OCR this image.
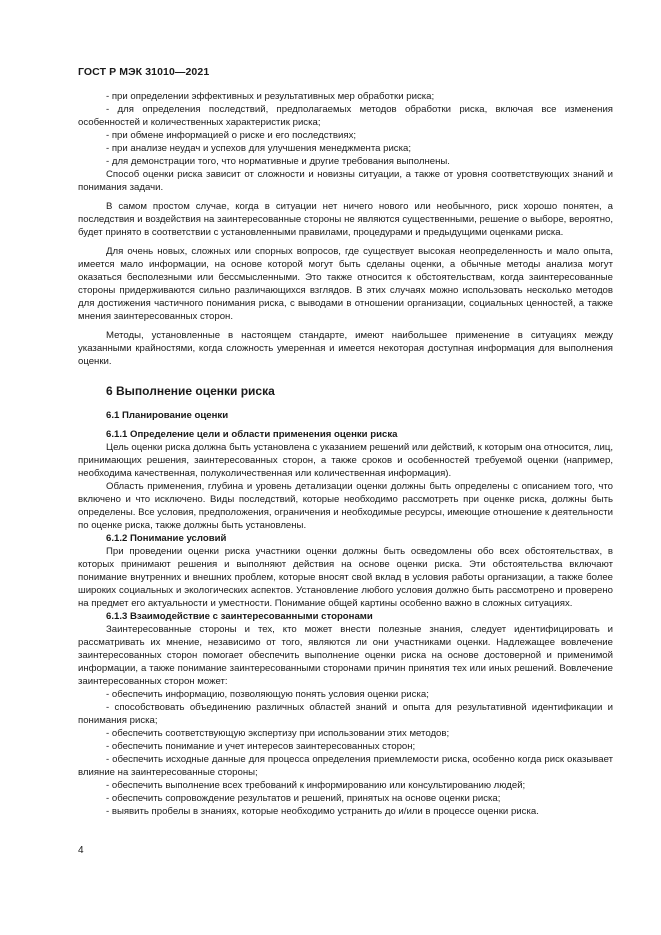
ГОСТ Р МЭК 31010—2021

- при определении эффективных и результативных мер обработки риска;

- для определения последствий, предполагаемых методов обработки риска, включая все изменения особенностей и количественных характеристик риска;

- при обмене информацией о риске и его последствиях;

- при анализе неудач и успехов для улучшения менеджмента риска;

- для демонстрации того, что нормативные и другие требования выполнены.

Способ оценки риска зависит от сложности и новизны ситуации, а также от уровня соответствующих знаний и понимания задачи.

В самом простом случае, когда в ситуации нет ничего нового или необычного, риск хорошо понятен, а последствия и воздействия на заинтересованные стороны не являются существенными, решение о выборе, вероятно, будет принято в соответствии с установленными правилами, процедурами и предыдущими оценками риска.

Для очень новых, сложных или спорных вопросов, где существует высокая неопределенность и мало опыта, имеется мало информации, на основе которой могут быть сделаны оценки, а обычные методы анализа могут оказаться бесполезными или бессмысленными. Это также относится к обстоятельствам, когда заинтересованные стороны придерживаются сильно различающихся взглядов. В этих случаях можно использовать несколько методов для достижения частичного понимания риска, с выводами в отношении организации, социальных ценностей, а также мнения заинтересованных сторон.

Методы, установленные в настоящем стандарте, имеют наибольшее применение в ситуациях между указанными крайностями, когда сложность умеренная и имеется некоторая доступная информация для выполнения оценки.

6 Выполнение оценки риска
6.1 Планирование оценки
6.1.1 Определение цели и области применения оценки риска

Цель оценки риска должна быть установлена с указанием решений или действий, к которым она относится, лиц, принимающих решения, заинтересованных сторон, а также сроков и особенностей требуемой оценки (например, необходима качественная, полуколичественная или количественная информация).

Область применения, глубина и уровень детализации оценки должны быть определены с описанием того, что включено и что исключено. Виды последствий, которые необходимо рассмотреть при оценке риска, должны быть определены. Все условия, предположения, ограничения и необходимые ресурсы, имеющие отношение к деятельности по оценке риска, также должны быть установлены.

6.1.2 Понимание условий

При проведении оценки риска участники оценки должны быть осведомлены обо всех обстоятельствах, в которых принимают решения и выполняют действия на основе оценки риска. Эти обстоятельства включают понимание внутренних и внешних проблем, которые вносят свой вклад в условия работы организации, а также более широких социальных и экологических аспектов. Установление любого условия должно быть рассмотрено и проверено на предмет его актуальности и уместности. Понимание общей картины особенно важно в сложных ситуациях.

6.1.3 Взаимодействие с заинтересованными сторонами

Заинтересованные стороны и тех, кто может внести полезные знания, следует идентифицировать и рассматривать их мнение, независимо от того, являются ли они участниками оценки. Надлежащее вовлечение заинтересованных сторон помогает обеспечить выполнение оценки риска на основе достоверной и применимой информации, а также понимание заинтересованными сторонами причин принятия тех или иных решений. Вовлечение заинтересованных сторон может:

- обеспечить информацию, позволяющую понять условия оценки риска;

- способствовать объединению различных областей знаний и опыта для результативной идентификации и понимания риска;

- обеспечить соответствующую экспертизу при использовании этих методов;

- обеспечить понимание и учет интересов заинтересованных сторон;

- обеспечить исходные данные для процесса определения приемлемости риска, особенно когда риск оказывает влияние на заинтересованные стороны;

- обеспечить выполнение всех требований к информированию или консультированию людей;

- обеспечить сопровождение результатов и решений, принятых на основе оценки риска;

- выявить пробелы в знаниях, которые необходимо устранить до и/или в процессе оценки риска.

4
